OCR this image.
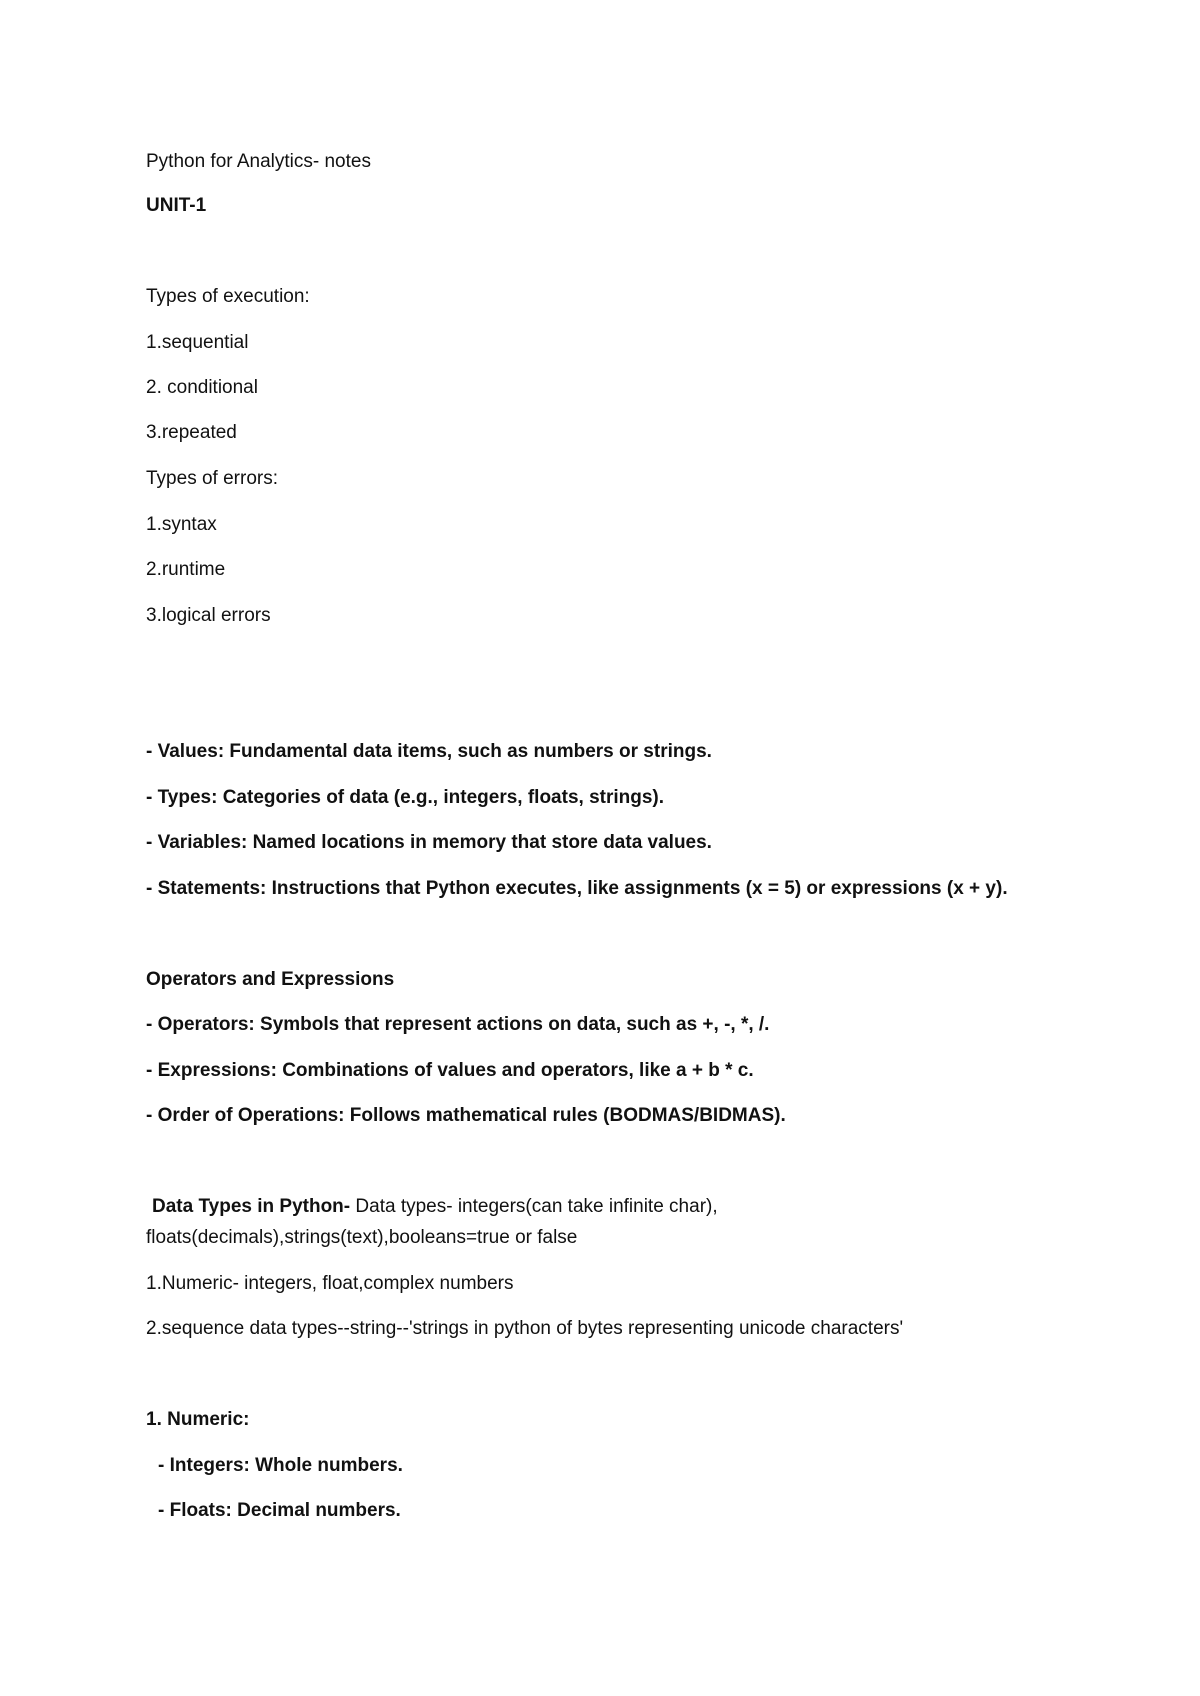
Python for Analytics- notes
UNIT-1
Types of execution:
1.sequential
2. conditional
3.repeated
Types of errors:
1.syntax
2.runtime
3.logical errors
- Values: Fundamental data items, such as numbers or strings.
- Types: Categories of data (e.g., integers, floats, strings).
- Variables: Named locations in memory that store data values.
- Statements: Instructions that Python executes, like assignments (x = 5) or expressions (x + y).
Operators and Expressions
- Operators: Symbols that represent actions on data, such as +, -, *, /.
- Expressions: Combinations of values and operators, like a + b * c.
- Order of Operations: Follows mathematical rules (BODMAS/BIDMAS).
Data Types in Python- Data types- integers(can take infinite char),
floats(decimals),strings(text),booleans=true or false
1.Numeric- integers, float,complex numbers
2.sequence data types--string--'strings in python of bytes representing unicode characters'
1. Numeric:
- Integers: Whole numbers.
- Floats: Decimal numbers.
